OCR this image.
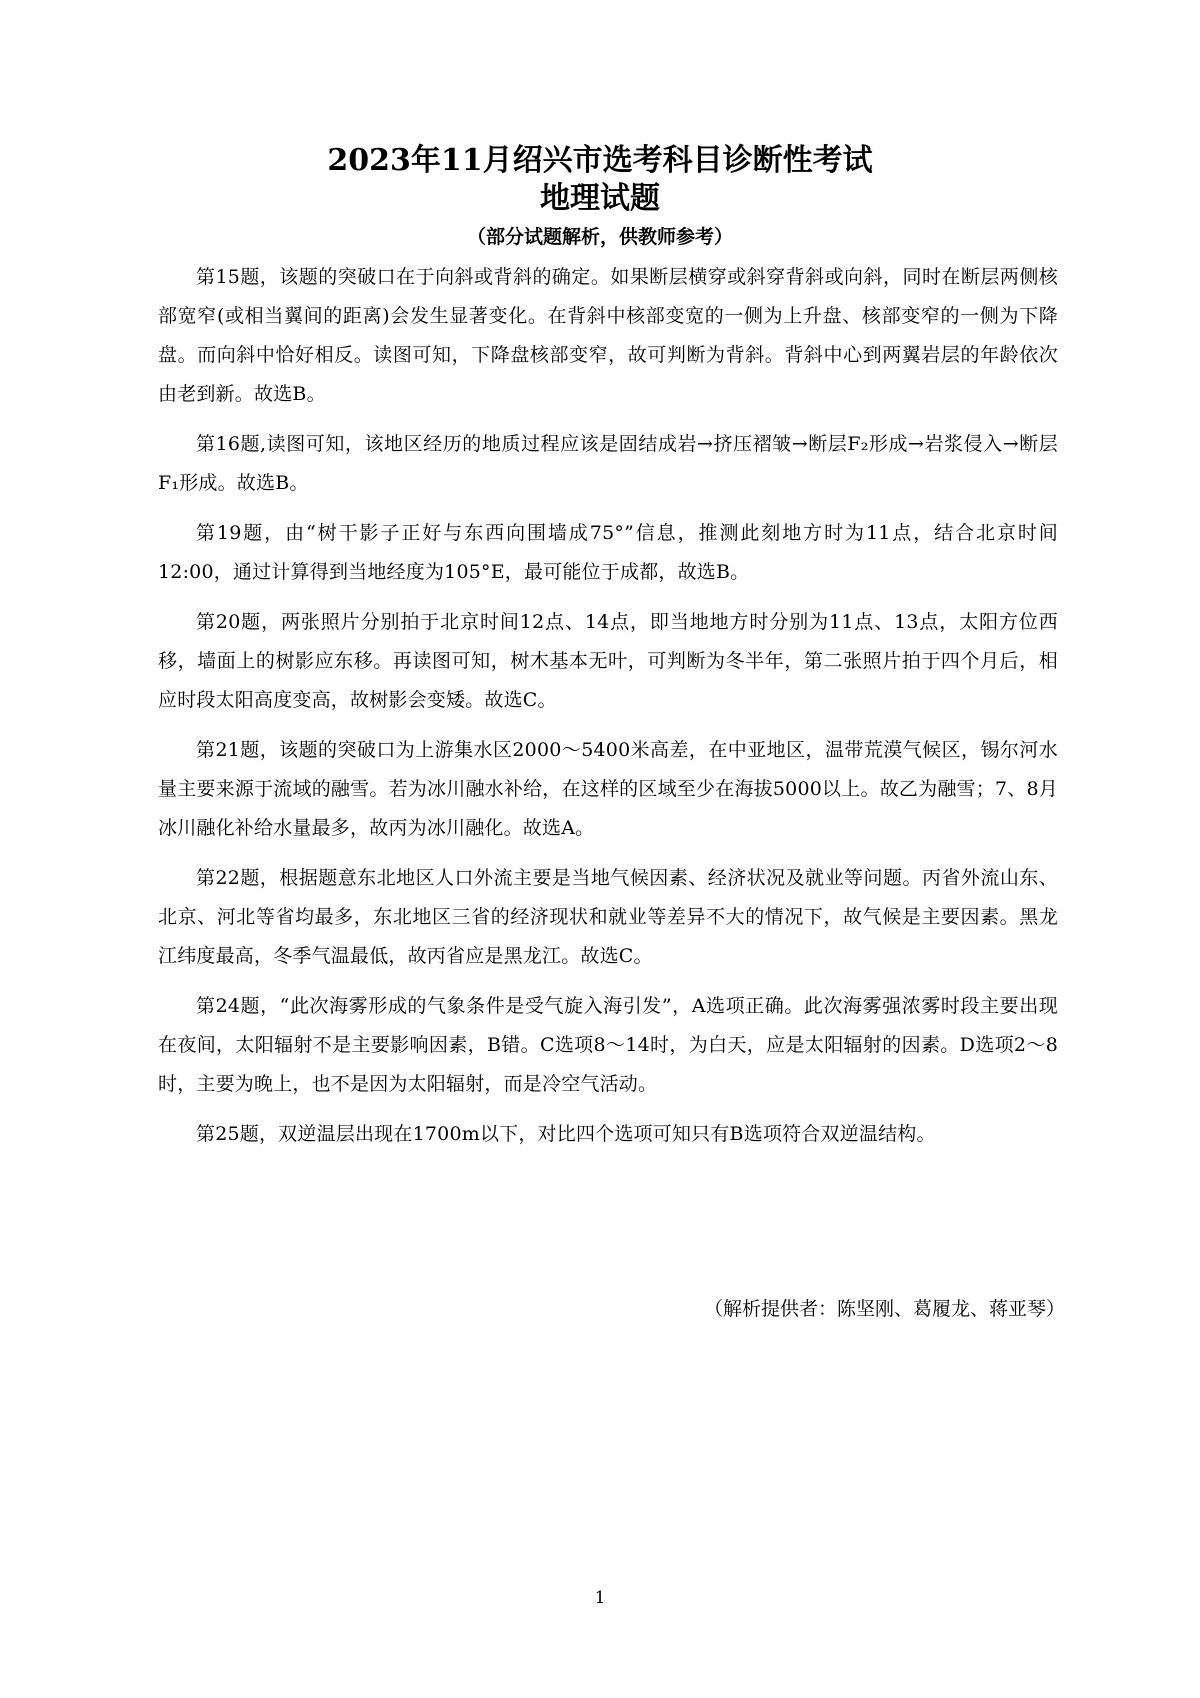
2023年11月绍兴市选考科目诊断性考试

地理试题

（部分试题解析，供教师参考）

第15题，该题的突破口在于向斜或背斜的确定。如果断层横穿或斜穿背斜或向斜，同时在断层两侧核部宽窄(或相当翼间的距离)会发生显著变化。在背斜中核部变宽的一侧为上升盘、核部变窄的一侧为下降盘。而向斜中恰好相反。读图可知，下降盘核部变窄，故可判断为背斜。背斜中心到两翼岩层的年龄依次由老到新。故选B。

第16题,读图可知，该地区经历的地质过程应该是固结成岩→挤压褶皱→断层F₂形成→岩浆侵入→断层F₁形成。故选B。

第19题，由“树干影子正好与东西向围墙成75°”信息，推测此刻地方时为11点，结合北京时间12:00，通过计算得到当地经度为105°E，最可能位于成都，故选B。

第20题，两张照片分别拍于北京时间12点、14点，即当地地方时分别为11点、13点，太阳方位西移，墙面上的树影应东移。再读图可知，树木基本无叶，可判断为冬半年，第二张照片拍于四个月后，相应时段太阳高度变高，故树影会变矮。故选C。

第21题，该题的突破口为上游集水区2000～5400米高差，在中亚地区，温带荒漠气候区，锡尔河水量主要来源于流域的融雪。若为冰川融水补给，在这样的区域至少在海拔5000以上。故乙为融雪；7、8月冰川融化补给水量最多，故丙为冰川融化。故选A。

第22题，根据题意东北地区人口外流主要是当地气候因素、经济状况及就业等问题。丙省外流山东、北京、河北等省均最多，东北地区三省的经济现状和就业等差异不大的情况下，故气候是主要因素。黑龙江纬度最高，冬季气温最低，故丙省应是黑龙江。故选C。

第24题，“此次海雾形成的气象条件是受气旋入海引发”，A选项正确。此次海雾强浓雾时段主要出现在夜间，太阳辐射不是主要影响因素，B错。C选项8～14时，为白天，应是太阳辐射的因素。D选项2～8时，主要为晚上，也不是因为太阳辐射，而是冷空气活动。

第25题，双逆温层出现在1700m以下，对比四个选项可知只有B选项符合双逆温结构。

（解析提供者：陈坚刚、葛履龙、蒋亚琴）
1
